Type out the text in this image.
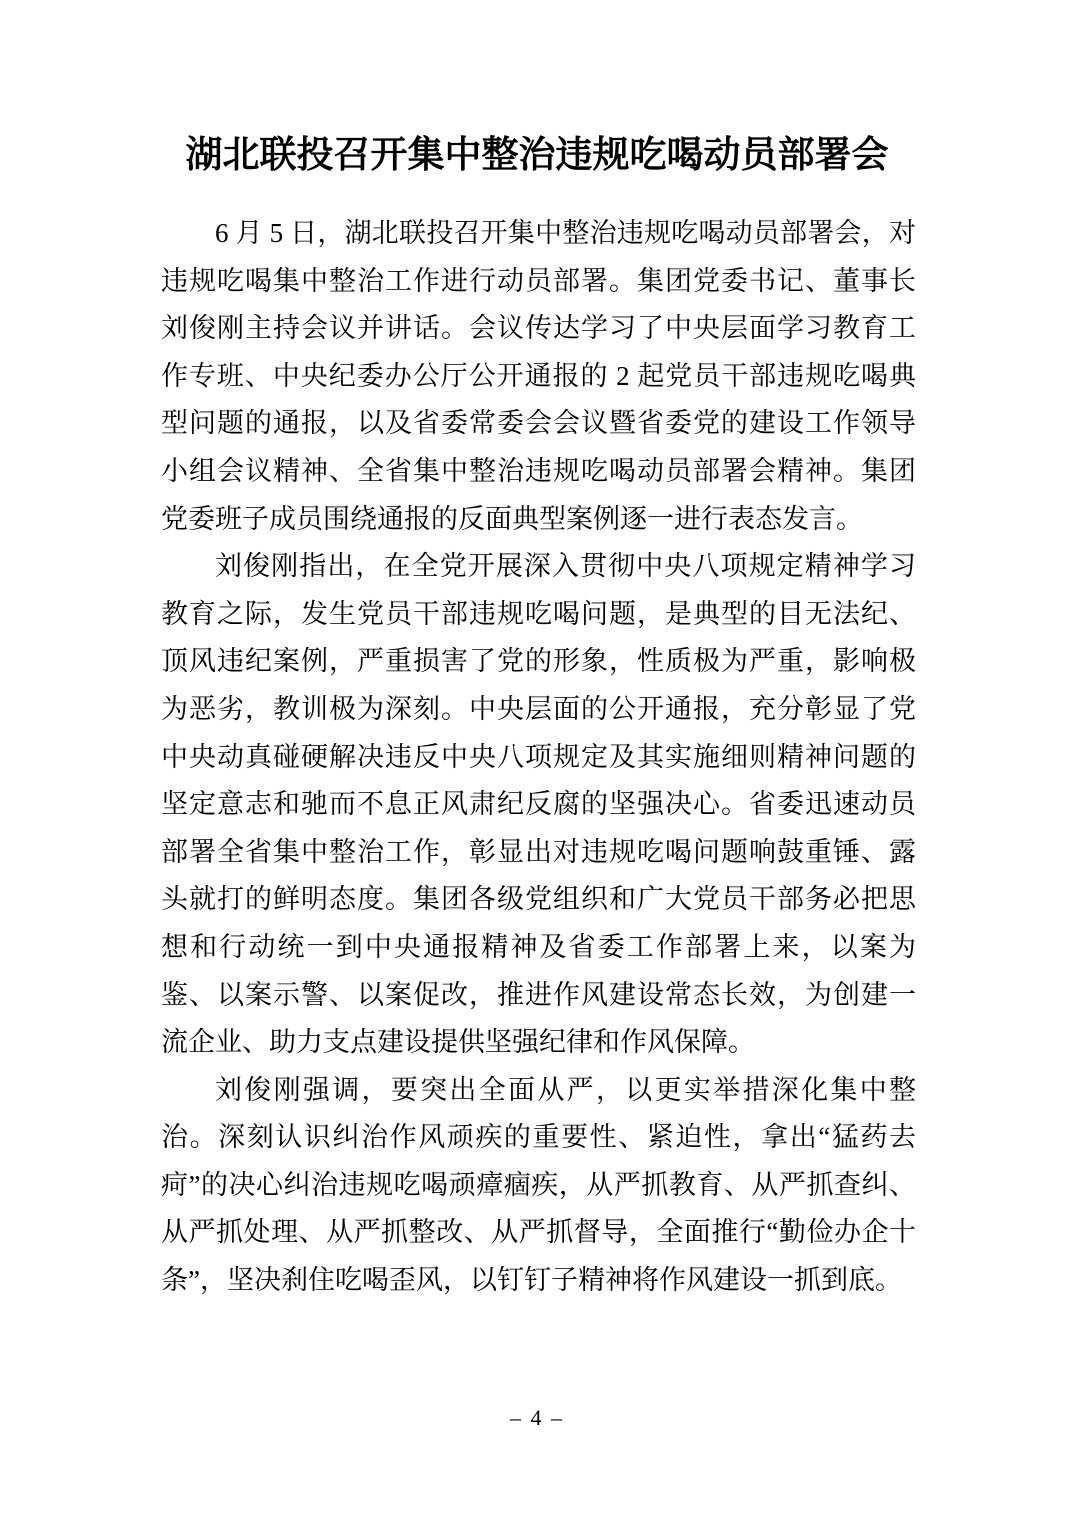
湖北联投召开集中整治违规吃喝动员部署会

6 月 5 日，湖北联投召开集中整治违规吃喝动员部署会，对违规吃喝集中整治工作进行动员部署。集团党委书记、董事长刘俊刚主持会议并讲话。会议传达学习了中央层面学习教育工作专班、中央纪委办公厅公开通报的 2 起党员干部违规吃喝典型问题的通报，以及省委常委会会议暨省委党的建设工作领导小组会议精神、全省集中整治违规吃喝动员部署会精神。集团党委班子成员围绕通报的反面典型案例逐一进行表态发言。

刘俊刚指出，在全党开展深入贯彻中央八项规定精神学习教育之际，发生党员干部违规吃喝问题，是典型的目无法纪、顶风违纪案例，严重损害了党的形象，性质极为严重，影响极为恶劣，教训极为深刻。中央层面的公开通报，充分彰显了党中央动真碰硬解决违反中央八项规定及其实施细则精神问题的坚定意志和驰而不息正风肃纪反腐的坚强决心。省委迅速动员部署全省集中整治工作，彰显出对违规吃喝问题响鼓重锤、露头就打的鲜明态度。集团各级党组织和广大党员干部务必把思想和行动统一到中央通报精神及省委工作部署上来，以案为鉴、以案示警、以案促改，推进作风建设常态长效，为创建一流企业、助力支点建设提供坚强纪律和作风保障。

刘俊刚强调，要突出全面从严，以更实举措深化集中整治。深刻认识纠治作风顽疾的重要性、紧迫性，拿出“猛药去疴”的决心纠治违规吃喝顽瘴痼疾，从严抓教育、从严抓查纠、从严抓处理、从严抓整改、从严抓督导，全面推行“勤俭办企十条”，坚决刹住吃喝歪风，以钉钉子精神将作风建设一抓到底。

– 4 –
